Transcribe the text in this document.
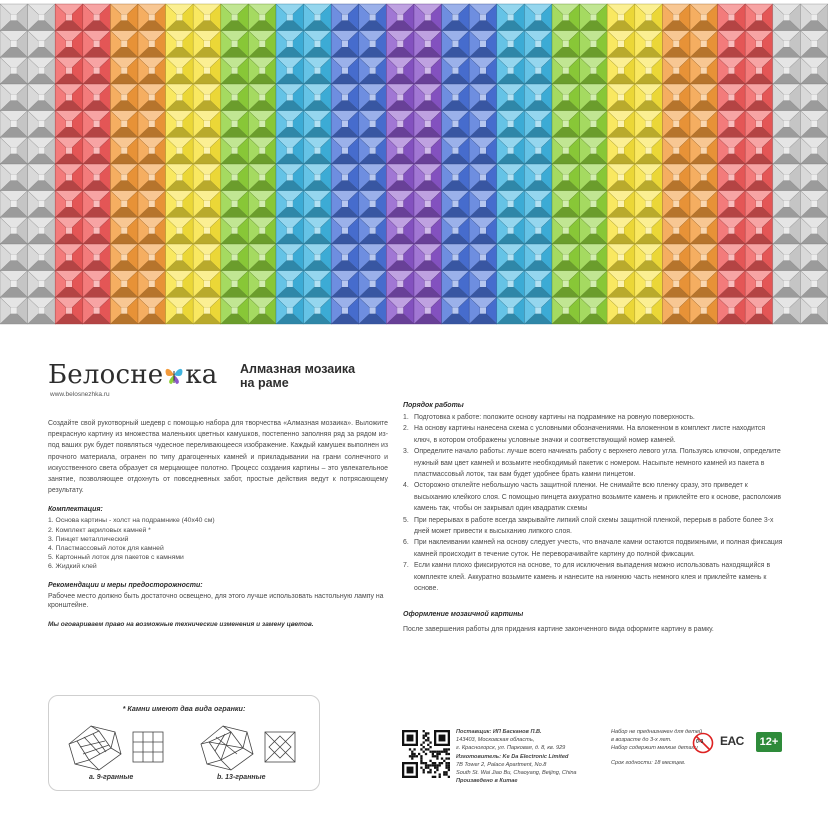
Белосне ка
www.belosnezhka.ru
Алмазная мозаика
на раме

Создайте свой рукотворный шедевр с помощью набора для творчества «Алмазная мозаика». Выложите прекрасную картину из множества маленьких цветных камушков, постепенно заполняя ряд за рядом из-под ваших рук будет появляться чудесное переливающееся изображение. Каждый камушек выполнен из прочного материала, огранен по типу драгоценных камней и прикладывании на грани солнечного и искусственного света образует ся мерцающее полотно. Процесс создания картины – это увлекательное занятие, позволяющее отдохнуть от повседневных забот, простые действия ведут к потрясающему результату.

Комплектация:
1. Основа картины - холст на подрамнике (40х40 см)
2. Комплект акриловых камней *
3. Пинцет металлический
4. Пластмассовый лоток для камней
5. Картонный лоток для пакетов с камнями
6. Жидкий клей
Рекомендации и меры предосторожности:

Рабочее место должно быть достаточно освещено, для этого лучше использовать настольную лампу на кронштейне.

Мы оговариваем право на возможные технические изменения и замену цветов.
* Камни имеют два вида огранки:
a. 9-гранные	b. 13-гранные
Порядок работы
1. Подготовка к работе: положите основу картины на подрамнике на ровную поверхность.
2. На основу картины нанесена схема с условными обозначениями. На вложенном в комплект листе находится ключ, в котором отображены условные значки и соответствующий номер камней.
3. Определите начало работы: лучше всего начинать работу с верхнего левого угла. Пользуясь ключом, определите нужный вам цвет камней и возьмите необходимый пакетик с номером. Насыпьте немного камней из пакета в пластмассовый лоток, так вам будет удобнее брать камни пинцетом.
4. Осторожно отклейте небольшую часть защитной пленки. Не снимайте всю пленку сразу, это приведет к высыханию клейкого слоя. С помощью пинцета аккуратно возьмите камень и приклейте его к основе, расположив камень так, чтобы он закрывал один квадратик схемы
5. При перерывах в работе всегда закрывайте липкий слой схемы защитной пленкой, перерыв в работе более 3-х дней может привести к высыханию липкого слоя.
6. При наклеивании камней на основу следует учесть, что вначале камни остаются подвижными, и полная фиксация камней происходит в течение суток. Не переворачивайте картину до полной фиксации.
7. Если камни плохо фиксируются на основе, то для исключения выпадения можно использовать находящийся в комплекте клей. Аккуратно возьмите камень и нанесите на нижнюю часть немного клея и приклейте камень к основе.
Оформление мозаичной картины

После завершения работы для придания картине законченного вида оформите картину в рамку.

Поставщик: ИП Басканов П.В.
143403, Московская область,
г. Красногорск, ул. Парковая, д. 8, кв. 929
Изготовитель: Ke Da Electronic Limited
7B Tower 2, Palace Apartment, No.8
South St. Wai Jiao Bu, Chaoyang, Beijing, China
Произведено в Китае
Набор не предназначен для детей
в возрасте до 3-х лет.
Набор содержит мелкие детали
Срок годности: 18 месяцев.
0-3 EAC	12+
